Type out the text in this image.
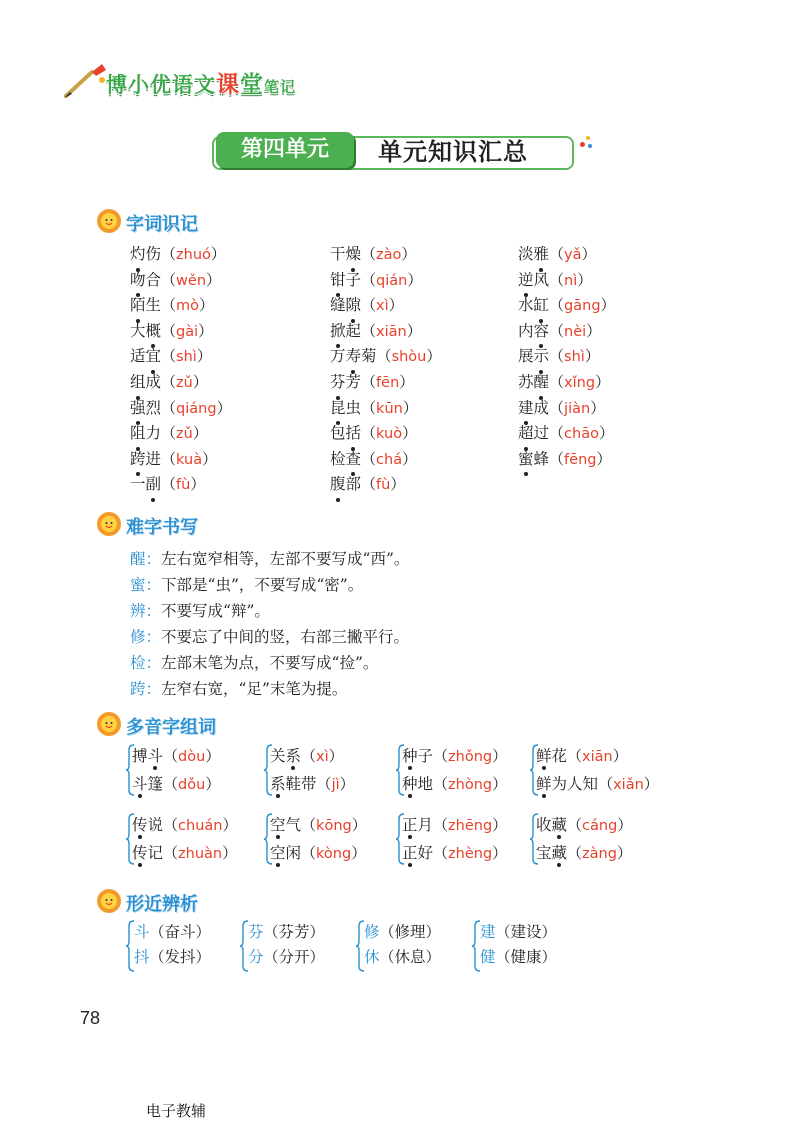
博小优语文课堂笔记
第四单元	单元知识汇总
字词识记
灼
伤（zhuó）
吻
合（wěn）
陌
生（mò）
大概
（gài）
适宜
（shì）
组
成（zǔ）
强
烈（qiáng）
阻
力（zǔ）
跨
进（kuà）
一副
（fù）
干燥
（zào）
钳
子（qián）
缝隙
（xì）
掀
起（xiān）
万寿
菊（shòu）
芬
芳（fēn）
昆
虫（kūn）
包括
（kuò）
检查
（chá）
腹
部（fù）
淡雅
（yǎ）
逆
风（nì）
水缸
（gāng）
内容
（nèi）
展示
（shì）
苏醒
（xǐng）
建
成（jiàn）
超
过（chāo）
蜜
蜂（fēng）
难字书写
醒：左右宽窄相等，左部不要写成“西”。
蜜：下部是“虫”，不要写成“密”。
辨：不要写成“辩”。
修：不要忘了中间的竖，右部三撇平行。
检：左部末笔为点，不要写成“捡”。
跨：左窄右宽，“足”末笔为提。
多音字组词
搏斗
（dòu）
斗
篷（dǒu）
关系
（xì）
系
鞋带（jì）
种
子（zhǒng）
种
地（zhòng）
鲜
花（xiān）
鲜
为人知（xiǎn）
传
说（chuán）
传
记（zhuàn）
空
气（kōng）
空
闲（kòng）
正
月（zhēng）
正
好（zhèng）
收藏
（cáng）
宝藏
（zàng）
形近辨析
斗（奋斗）
抖（发抖）
芬（芬芳）
分（分开）
修（修理）
休（休息）
建（建设）
健（健康）
78
电子教辅
